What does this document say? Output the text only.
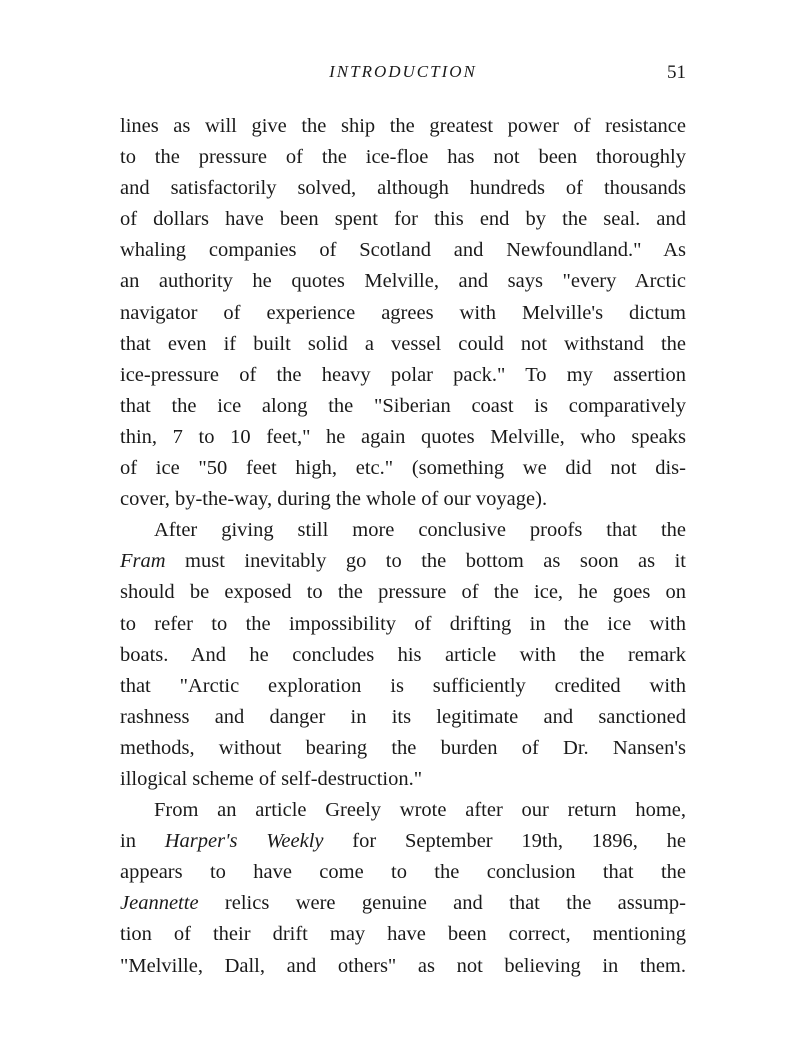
INTRODUCTION	51
lines as will give the ship the greatest power of resistance
to the pressure of the ice-floe has not been thoroughly
and satisfactorily solved, although hundreds of thousands
of dollars have been spent for this end by the seal. and
whaling companies of Scotland and Newfoundland." As
an authority he quotes Melville, and says "every Arctic
navigator of experience agrees with Melville's dictum
that even if built solid a vessel could not withstand the
ice-pressure of the heavy polar pack." To my assertion
that the ice along the "Siberian coast is comparatively
thin, 7 to 10 feet," he again quotes Melville, who speaks
of ice "50 feet high, etc." (something we did not dis-
cover, by-the-way, during the whole of our voyage).
After giving still more conclusive proofs that the
Fram must inevitably go to the bottom as soon as it
should be exposed to the pressure of the ice, he goes on
to refer to the impossibility of drifting in the ice with
boats. And he concludes his article with the remark
that "Arctic exploration is sufficiently credited with
rashness and danger in its legitimate and sanctioned
methods, without bearing the burden of Dr. Nansen's
illogical scheme of self-destruction."
From an article Greely wrote after our return home,
in Harper's Weekly for September 19th, 1896, he
appears to have come to the conclusion that the
Jeannette relics were genuine and that the assump-
tion of their drift may have been correct, mentioning
"Melville, Dall, and others" as not believing in them.
